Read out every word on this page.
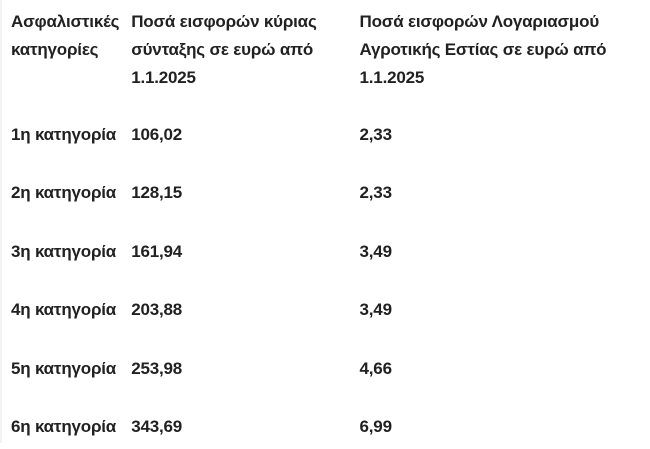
Ασφαλιστικές κατηγορίες	Ποσά εισφορών κύριας σύνταξης σε ευρώ από 1.1.2025	Ποσά εισφορών Λογαριασμού Αγροτικής Εστίας σε ευρώ από 1.1.2025

1η κατηγορία	106,02	2,33
2η κατηγορία	128,15	2,33
3η κατηγορία	161,94	3,49
4η κατηγορία	203,88	3,49
5η κατηγορία	253,98	4,66
6η κατηγορία	343,69	6,99
